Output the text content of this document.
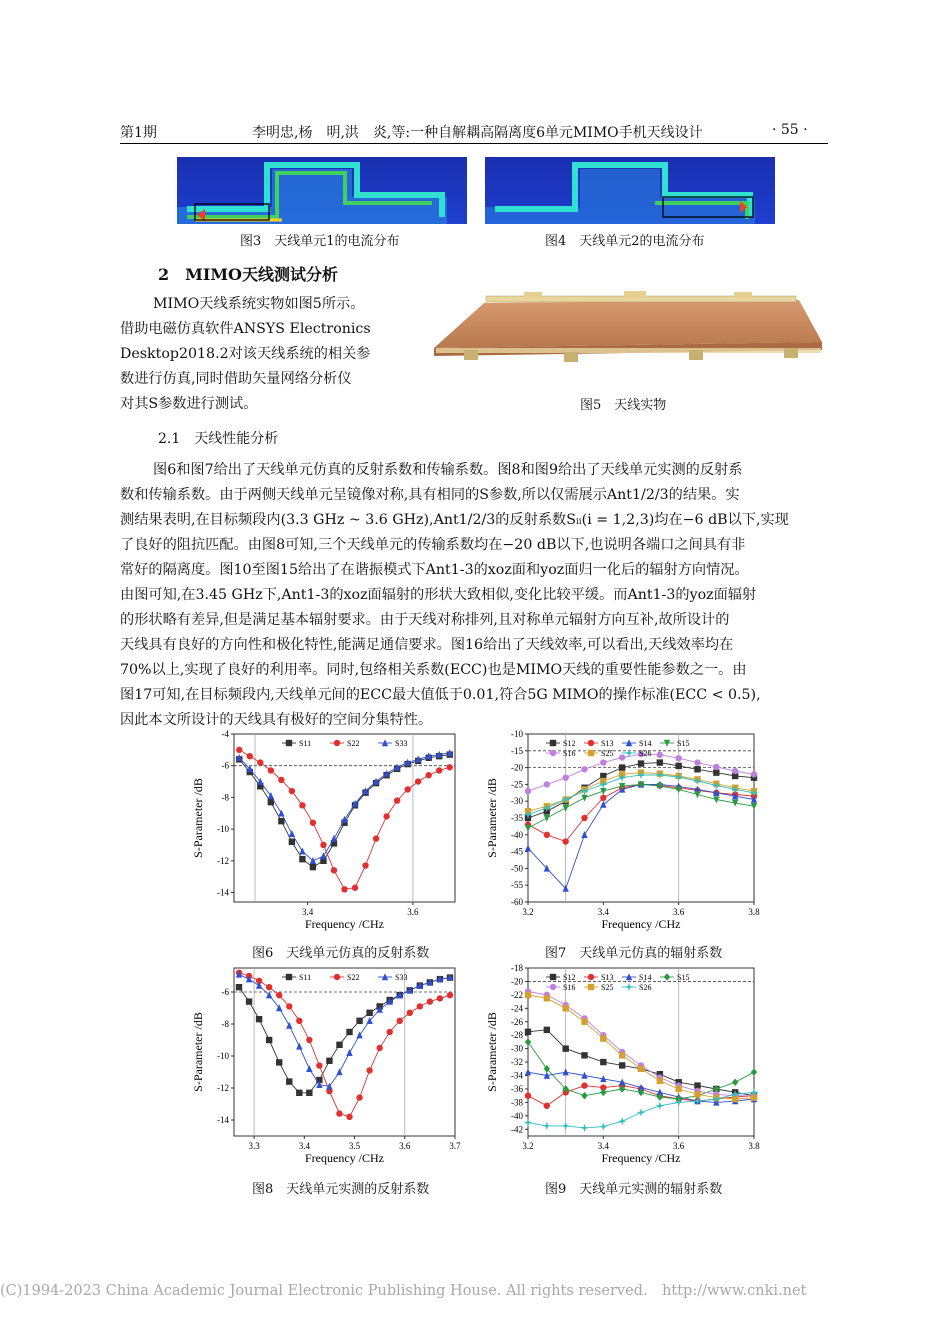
第1期	李明忠,杨　明,洪　炎,等:一种自解耦高隔离度6单元MIMO手机天线设计	· 55 ·
图3　天线单元1的电流分布	图4　天线单元2的电流分布
2　MIMO天线测试分析
MIMO天线系统实物如图5所示。
借助电磁仿真软件ANSYS Electronics
Desktop2018.2对该天线系统的相关参
数进行仿真,同时借助矢量网络分析仪
对其S参数进行测试。	图5　天线实物
2.1　天线性能分析
图6和图7给出了天线单元仿真的反射系数和传输系数。图8和图9给出了天线单元实测的反射系
数和传输系数。由于两侧天线单元呈镜像对称,具有相同的S参数,所以仅需展示Ant1/2/3的结果。实
测结果表明,在目标频段内(3.3 GHz ~ 3.6 GHz),Ant1/2/3的反射系数Sᵢᵢ(i = 1,2,3)均在−6 dB以下,实现
了良好的阻抗匹配。由图8可知,三个天线单元的传输系数均在−20 dB以下,也说明各端口之间具有非
常好的隔离度。图10至图15给出了在谐振模式下Ant1-3的xoz面和yoz面归一化后的辐射方向情况。
由图可知,在3.45 GHz下,Ant1-3的xoz面辐射的形状大致相似,变化比较平缓。而Ant1-3的yoz面辐射
的形状略有差异,但是满足基本辐射要求。由于天线对称排列,且对称单元辐射方向互补,故所设计的
天线具有良好的方向性和极化特性,能满足通信要求。图16给出了天线效率,可以看出,天线效率均在
70%以上,实现了良好的利用率。同时,包络相关系数(ECC)也是MIMO天线的重要性能参数之一。由
图17可知,在目标频段内,天线单元间的ECC最大值低于0.01,符合5G MIMO的操作标准(ECC < 0.5),
因此本文所设计的天线具有极好的空间分集特性。
-4
-6
-8
-10
-12
-14
3.4	3.6
Frequency /CHz
S-Parameter /dB
S11	S22	S33
-10
-15
-20
-25
-30
-35
-40
-45
-50
-55
-60
3.2	3.4	3.6	3.8
Frequency /CHz
S-Parameter /dB
S12	S13	S14	S15
S16	S25	S26
-6
-8
-10
-12
-14
3.3	3.4	3.5	3.6	3.7
Frequency /CHz
S-Parameter /dB
S11	S22	S33
-18
-20
-22
-24
-26
-28
-30
-32
-34
-36
-38
-40
-42
3.2	3.4	3.6	3.8
Frequency /CHz
S-Parameter /dB
S12	S13	S14	S15
S16	S25	S26
图6　天线单元仿真的反射系数	图7　天线单元仿真的辐射系数
图8　天线单元实测的反射系数	图9　天线单元实测的辐射系数
(C)1994-2023 China Academic Journal Electronic Publishing House. All rights reserved.　http://www.cnki.net
